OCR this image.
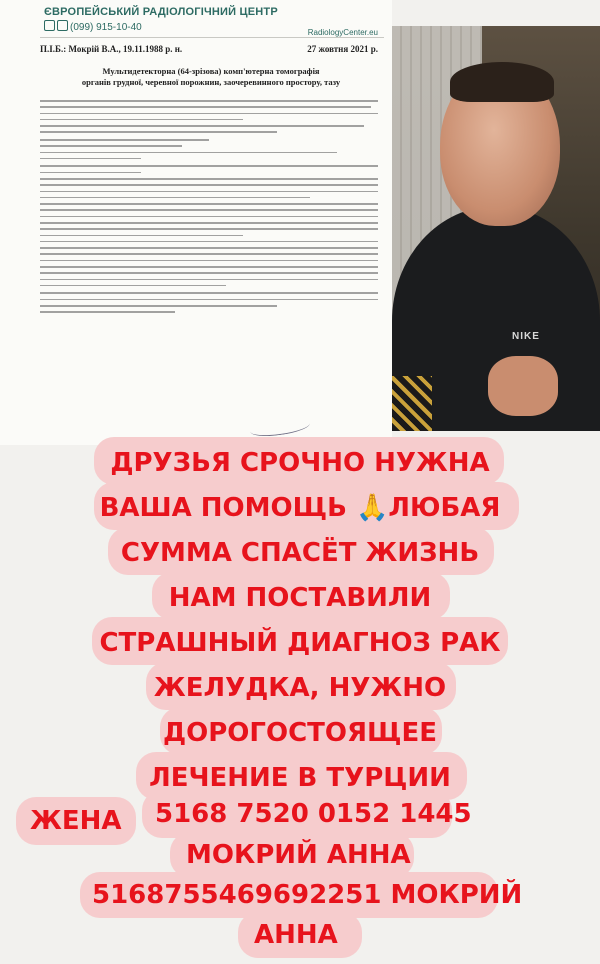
ЄВРОПЕЙСЬКИЙ РАДІОЛОГІЧНИЙ ЦЕНТР
(099) 915-10-40	RadiologyCenter.eu
П.І.Б.: Мокрій В.А., 19.11.1988 р. н.	27 жовтня 2021 р.
Мультидетекторна (64-зрізова) комп'ютерна томографія
органів грудної, черевної порожнин, заочеревинного простору, тазу
NIKE
ДРУЗЬЯ СРОЧНО НУЖНА
ВАША ПОМОЩЬ 🙏ЛЮБАЯ
СУММА СПАСЁТ ЖИЗНЬ
НАМ ПОСТАВИЛИ
СТРАШНЫЙ ДИАГНОЗ РАК
ЖЕЛУДКА, НУЖНО
ДОРОГОСТОЯЩЕЕ
ЛЕЧЕНИЕ В ТУРЦИИ
ЖЕНА 5168 7520 0152 1445
МОКРИЙ АННА
5168755469692251 МОКРИЙ
АННА
